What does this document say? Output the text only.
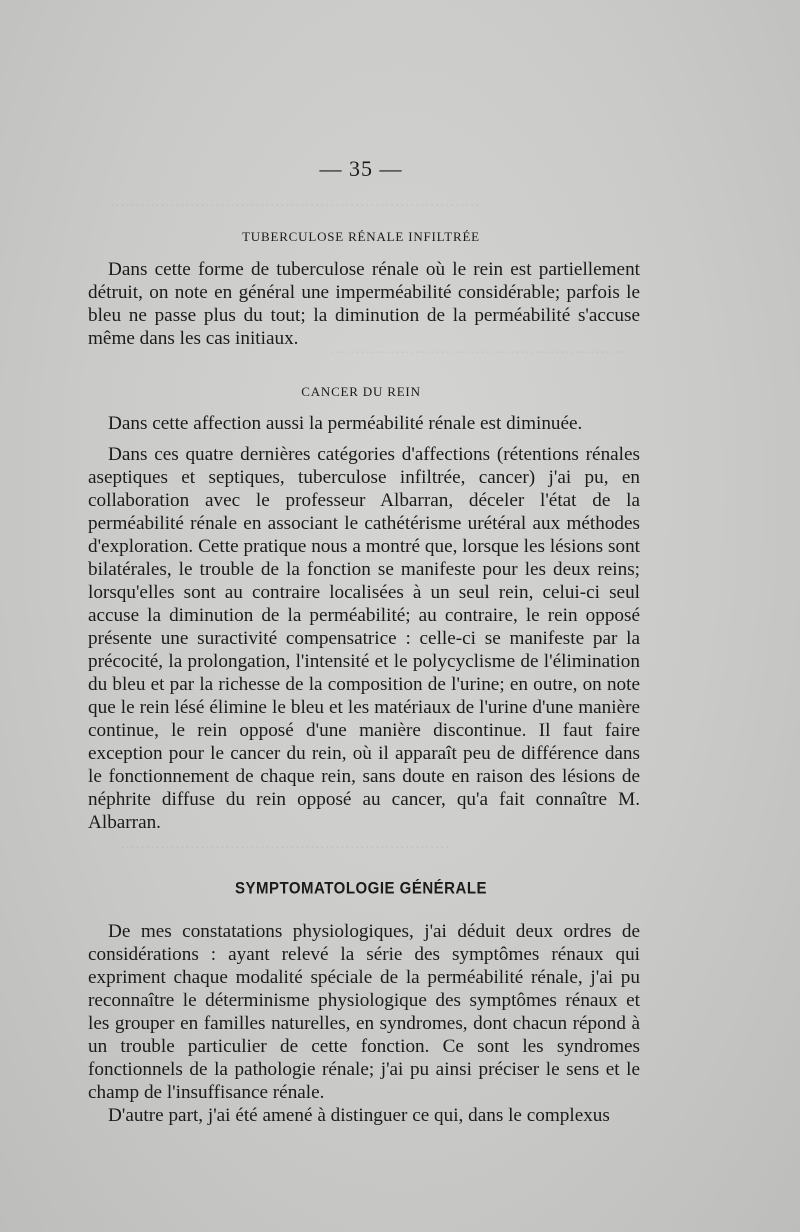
··········································································
···························································
··································································
— 35 —
TUBERCULOSE RÉNALE INFILTRÉE

Dans cette forme de tuberculose rénale où le rein est partiellement détruit, on note en général une imperméabilité considérable; parfois le bleu ne passe plus du tout; la diminution de la perméabilité s'accuse même dans les cas initiaux.

CANCER DU REIN

Dans cette affection aussi la perméabilité rénale est diminuée.

Dans ces quatre dernières catégories d'affections (rétentions rénales aseptiques et septiques, tuberculose infiltrée, cancer) j'ai pu, en collaboration avec le professeur Albarran, déceler l'état de la perméabilité rénale en associant le cathétérisme urétéral aux méthodes d'exploration. Cette pratique nous a montré que, lorsque les lésions sont bilatérales, le trouble de la fonction se manifeste pour les deux reins; lorsqu'elles sont au contraire localisées à un seul rein, celui-ci seul accuse la diminution de la perméabilité; au contraire, le rein opposé présente une suractivité compensatrice : celle-ci se manifeste par la précocité, la prolongation, l'intensité et le polycyclisme de l'élimination du bleu et par la richesse de la composition de l'urine; en outre, on note que le rein lésé élimine le bleu et les matériaux de l'urine d'une manière continue, le rein opposé d'une manière discontinue. Il faut faire exception pour le cancer du rein, où il apparaît peu de différence dans le fonctionnement de chaque rein, sans doute en raison des lésions de néphrite diffuse du rein opposé au cancer, qu'a fait connaître M. Albarran.

SYMPTOMATOLOGIE GÉNÉRALE

De mes constatations physiologiques, j'ai déduit deux ordres de considérations : ayant relevé la série des symptômes rénaux qui expriment chaque modalité spéciale de la perméabilité rénale, j'ai pu reconnaître le déterminisme physiologique des symptômes rénaux et les grouper en familles naturelles, en syndromes, dont chacun répond à un trouble particulier de cette fonction. Ce sont les syndromes fonctionnels de la pathologie rénale; j'ai pu ainsi préciser le sens et le champ de l'insuffisance rénale.

D'autre part, j'ai été amené à distinguer ce qui, dans le complexus
